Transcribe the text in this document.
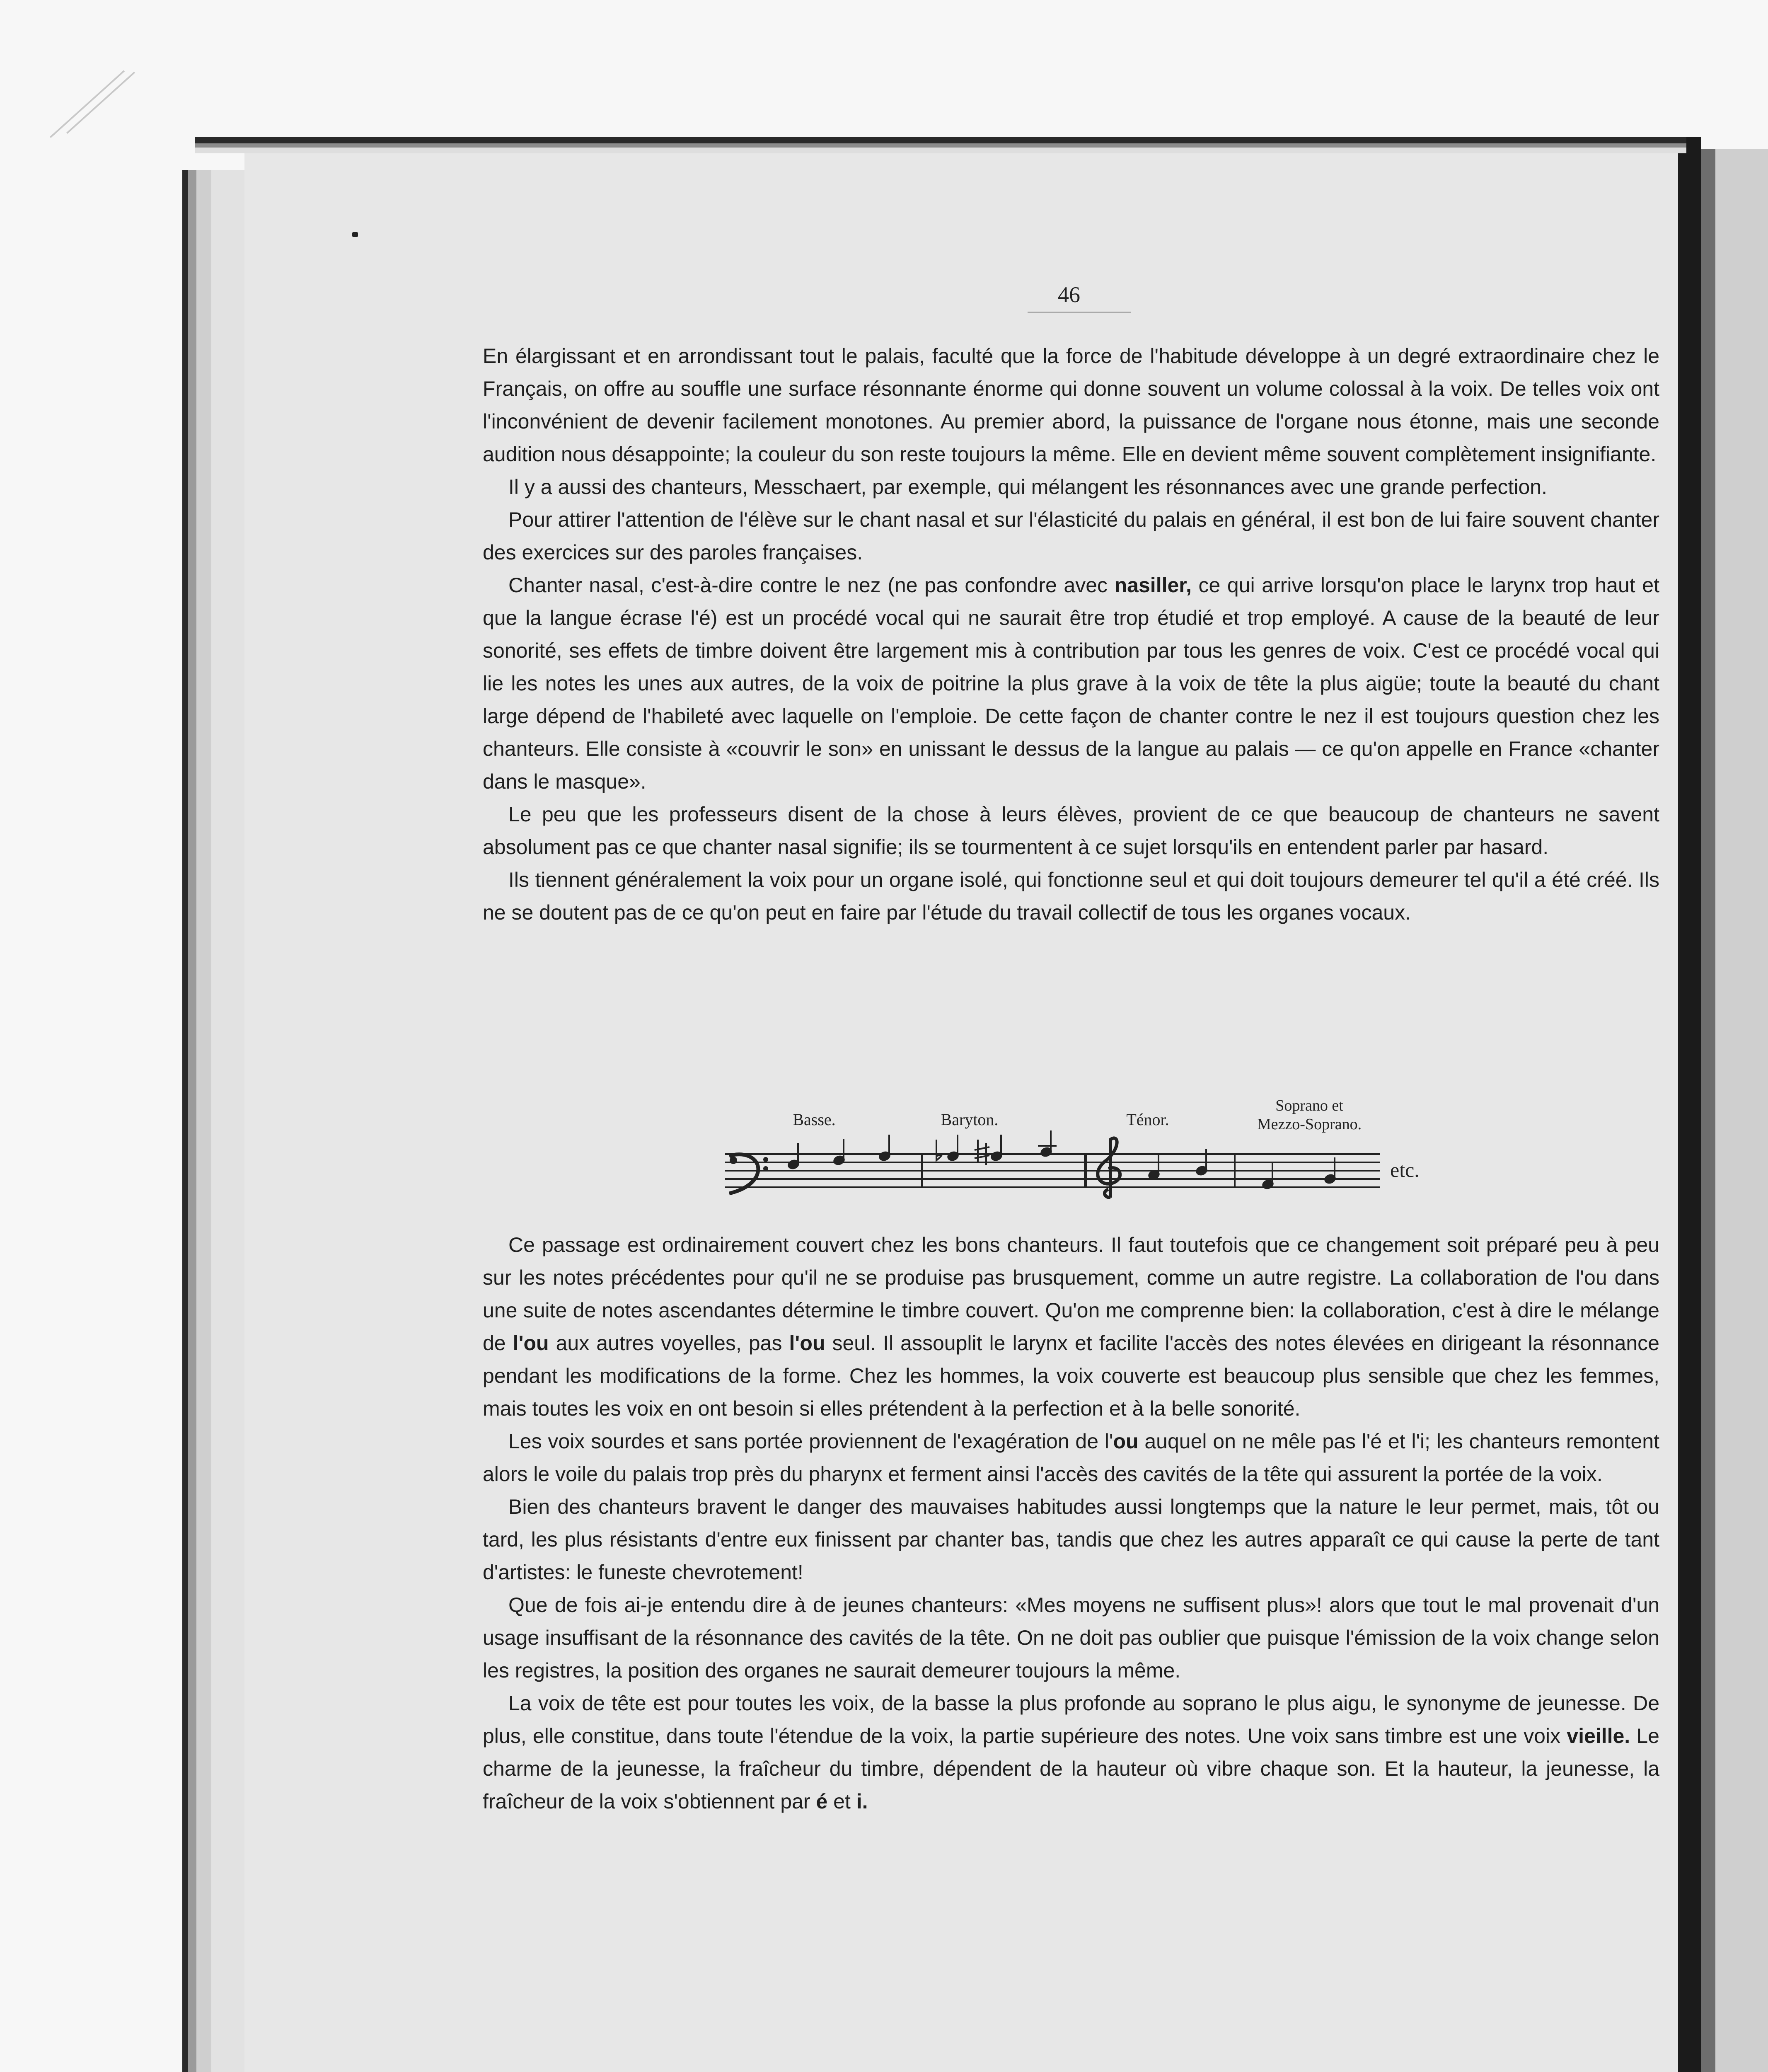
46

En élargissant et en arrondissant tout le palais, faculté que la force de l'habitude développe à un degré extraordinaire chez le Français, on offre au souffle une surface résonnante énorme qui donne souvent un volume colossal à la voix. De telles voix ont l'inconvénient de devenir facilement monotones. Au premier abord, la puissance de l'organe nous étonne, mais une seconde audition nous désappointe; la couleur du son reste toujours la même. Elle en devient même souvent complètement insignifiante.

Il y a aussi des chanteurs, Messchaert, par exemple, qui mélangent les résonnances avec une grande perfection.

Pour attirer l'attention de l'élève sur le chant nasal et sur l'élasticité du palais en général, il est bon de lui faire souvent chanter des exercices sur des paroles françaises.

Chanter nasal, c'est-à-dire contre le nez (ne pas confondre avec nasiller, ce qui arrive lorsqu'on place le larynx trop haut et que la langue écrase l'é) est un procédé vocal qui ne saurait être trop étudié et trop employé. A cause de la beauté de leur sonorité, ses effets de timbre doivent être largement mis à contribution par tous les genres de voix. C'est ce procédé vocal qui lie les notes les unes aux autres, de la voix de poitrine la plus grave à la voix de tête la plus aigüe; toute la beauté du chant large dépend de l'habileté avec laquelle on l'emploie. De cette façon de chanter contre le nez il est toujours question chez les chanteurs. Elle consiste à «couvrir le son» en unissant le dessus de la langue au palais — ce qu'on appelle en France «chanter dans le masque».

Le peu que les professeurs disent de la chose à leurs élèves, provient de ce que beaucoup de chanteurs ne savent absolument pas ce que chanter nasal signifie; ils se tourmentent à ce sujet lorsqu'ils en entendent parler par hasard.

Ils tiennent généralement la voix pour un organe isolé, qui fonctionne seul et qui doit toujours demeurer tel qu'il a été créé. Ils ne se doutent pas de ce qu'on peut en faire par l'étude du travail collectif de tous les organes vocaux.

Basse.	Baryton.	Ténor.
Soprano et
Mezzo-Soprano.
etc.

Ce passage est ordinairement couvert chez les bons chanteurs. Il faut toutefois que ce changement soit préparé peu à peu sur les notes précédentes pour qu'il ne se produise pas brusquement, comme un autre registre. La collaboration de l'ou dans une suite de notes ascendantes détermine le timbre couvert. Qu'on me comprenne bien: la collaboration, c'est à dire le mélange de l'ou aux autres voyelles, pas l'ou seul. Il assouplit le larynx et facilite l'accès des notes élevées en dirigeant la résonnance pendant les modifications de la forme. Chez les hommes, la voix couverte est beaucoup plus sensible que chez les femmes, mais toutes les voix en ont besoin si elles prétendent à la perfection et à la belle sonorité.

Les voix sourdes et sans portée proviennent de l'exagération de l'ou auquel on ne mêle pas l'é et l'i; les chanteurs remontent alors le voile du palais trop près du pharynx et ferment ainsi l'accès des cavités de la tête qui assurent la portée de la voix.

Bien des chanteurs bravent le danger des mauvaises habitudes aussi longtemps que la nature le leur permet, mais, tôt ou tard, les plus résistants d'entre eux finissent par chanter bas, tandis que chez les autres apparaît ce qui cause la perte de tant d'artistes: le funeste chevrotement!

Que de fois ai-je entendu dire à de jeunes chanteurs: «Mes moyens ne suffisent plus»! alors que tout le mal provenait d'un usage insuffisant de la résonnance des cavités de la tête. On ne doit pas oublier que puisque l'émission de la voix change selon les registres, la position des organes ne saurait demeurer toujours la même.

La voix de tête est pour toutes les voix, de la basse la plus profonde au soprano le plus aigu, le synonyme de jeunesse. De plus, elle constitue, dans toute l'étendue de la voix, la partie supérieure des notes. Une voix sans timbre est une voix vieille. Le charme de la jeunesse, la fraîcheur du timbre, dépendent de la hauteur où vibre chaque son. Et la hauteur, la jeunesse, la fraîcheur de la voix s'obtiennent par é et i.
